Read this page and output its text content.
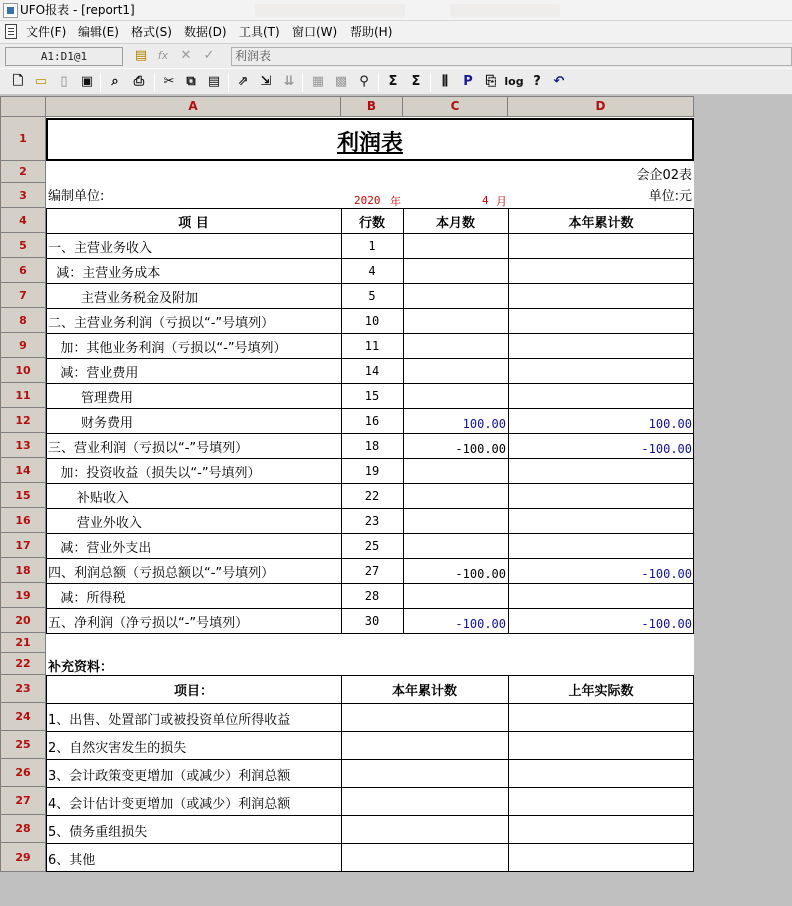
UFO报表 - [report1]
文件(F) 编辑(E) 格式(S) 数据(D) 工具(T) 窗口(W) 帮助(H)
A1:D1@1	▤ fx ✕ ✓	利润表
🗋 ▭	▯	▣	⌕	⎙ ✂ ⧉ ▤ ⇗ ⇲ ⇊ ▦ ▩ ⚲	Σ	Σ	⫼	P	⎘ log ? ↶
A	B	C	D
1
2
3
4
5
6
7
8
9
10
11
12
13
14
15
16
17
18
19
20
21
22
23
24
25
26
27
28
29
利润表
会企02表
编制单位:	2020 年	4 月	单位:元
项 目	行数	本月数	本年累计数
一、主营业务收入	1
减：主营业务成本	4
主营业务税金及附加	5
二、主营业务利润（亏损以“-”号填列）	10
加：其他业务利润（亏损以“-”号填列）	11
减：营业费用	14
管理费用	15
财务费用	16	100.00	100.00
三、营业利润（亏损以“-”号填列）	18	-100.00	-100.00
加：投资收益（损失以“-”号填列）	19
补贴收入	22
营业外收入	23
减：营业外支出	25
四、利润总额（亏损总额以“-”号填列）	27	-100.00	-100.00
减：所得税	28
五、净利润（净亏损以“-”号填列）	30	-100.00	-100.00
补充资料：
项目：	本年累计数	上年实际数
1、出售、处置部门或被投资单位所得收益
2、自然灾害发生的损失
3、会计政策变更增加（或减少）利润总额
4、会计估计变更增加（或减少）利润总额
5、债务重组损失
6、其他
